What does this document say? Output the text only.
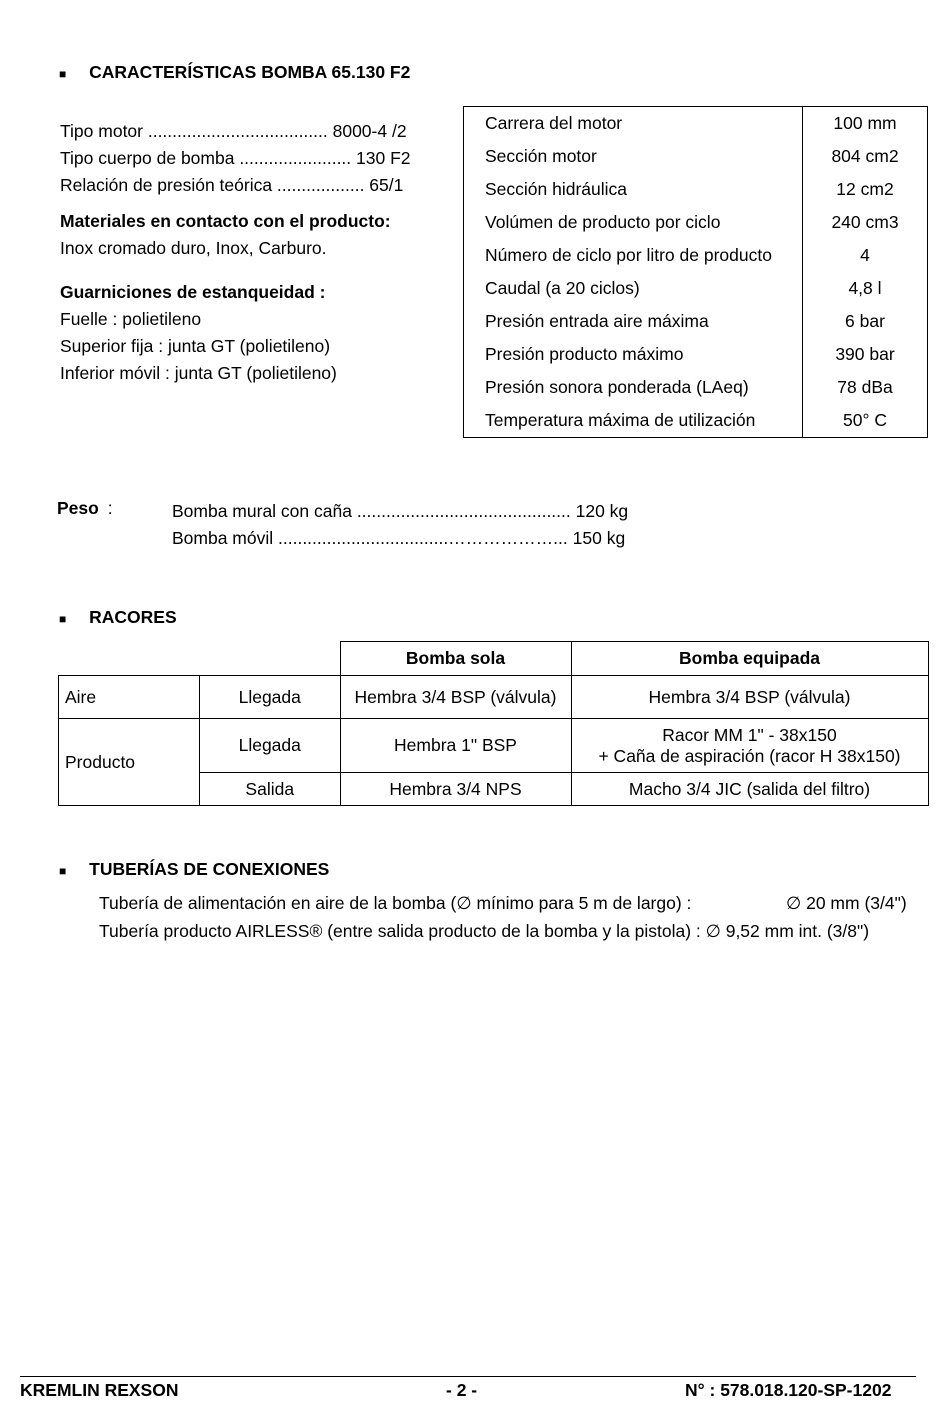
■ CARACTERÍSTICAS BOMBA 65.130 F2
Tipo motor ..................................... 8000-4 /2
Tipo cuerpo de bomba ....................... 130 F2
Relación de presión teórica .................. 65/1
Materiales en contacto con el producto:
Inox cromado duro, Inox, Carburo.
Guarniciones de estanqueidad :
Fuelle : polietileno
Superior fija : junta GT (polietileno)
Inferior móvil : junta GT (polietileno)
Carrera del motor	100 mm
Sección motor	804 cm2
Sección hidráulica	12 cm2
Volúmen de producto por ciclo	240 cm3
Número de ciclo por litro de producto	4
Caudal (a 20 ciclos)	4,8 l
Presión entrada aire máxima	6 bar
Presión producto máximo	390 bar
Presión sonora ponderada (LAeq)	78 dBa
Temperatura máxima de utilización	50° C
Peso :	Bomba mural con caña ............................................ 120 kg
Bomba móvil ...................................………………... 150 kg
■ RACORES
		Bomba sola	Bomba equipada
Aire	Llegada	Hembra 3/4 BSP (válvula)	Hembra 3/4 BSP (válvula)
Producto	Llegada	Hembra 1" BSP	Racor MM 1" - 38x150
+ Caña de aspiración (racor H 38x150)

	Salida	Hembra 3/4 NPS	Macho 3/4 JIC (salida del filtro)
■ TUBERÍAS DE CONEXIONES
Tubería de alimentación en aire de la bomba (∅ mínimo para 5 m de largo) :	∅ 20 mm (3/4")
Tubería producto AIRLESS® (entre salida producto de la bomba y la pistola) : ∅ 9,52 mm int. (3/8")
KREMLIN REXSON	- 2 -	N° : 578.018.120-SP-1202
